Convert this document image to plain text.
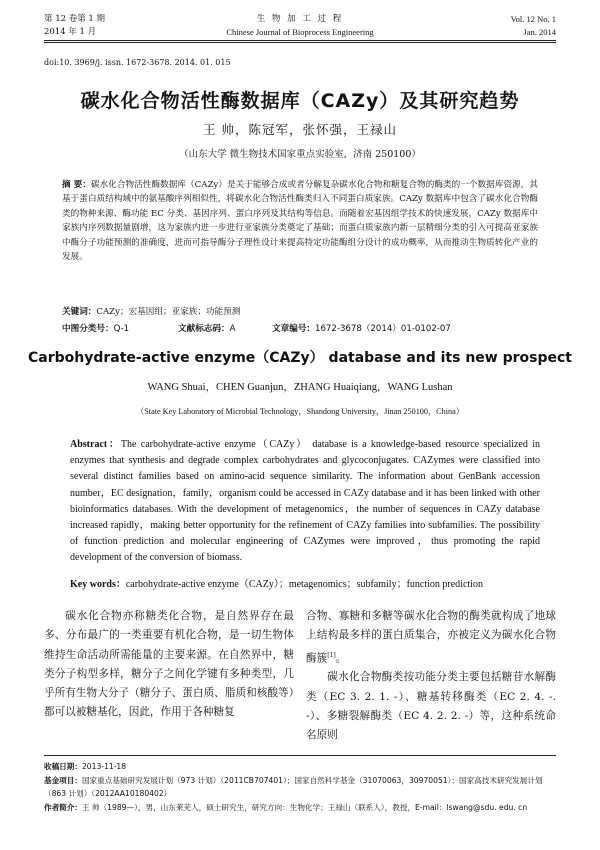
第 12 卷第 1 期
2014 年 1 月
生 物 加 工 过 程
Chinese Journal of Bioprocess Engineering
Vol. 12 No. 1
Jan. 2014
doi:10. 3969/j. issn. 1672-3678. 2014. 01. 015
碳水化合物活性酶数据库（CAZy）及其研究趋势
王 帅，陈冠军，张怀强，王禄山
（山东大学 微生物技术国家重点实验室，济南 250100）
摘 要：碳水化合物活性酶数据库（CAZy）是关于能够合成或者分解复杂碳水化合物和糖复合物的酶类的一个数据库资源，其基于蛋白质结构域中的氨基酸序列相似性，将碳水化合物活性酶类归入不同蛋白质家族。CAZy 数据库中包含了碳水化合物酶类的物种来源、酶功能 EC 分类、基因序列、蛋白序列及其结构等信息。而随着宏基因组学技术的快速发展，CAZy 数据库中家族内序列数据量剧增，这为家族内进一步进行亚家族分类奠定了基础；而蛋白质家族内新一层精细分类的引入可提高亚家族中酶分子功能预测的准确度，进而可指导酶分子理性设计来提高特定功能酶组分设计的成功概率，从而推动生物质转化产业的发展。
关键词：CAZy；宏基因组；亚家族；功能预测
中图分类号：Q-1	文献标志码：A	文章编号：1672-3678（2014）01-0102-07
Carbohydrate-active enzyme（CAZy） database and its new prospect
WANG Shuai，CHEN Guanjun，ZHANG Huaiqiang，WANG Lushan
（State Key Laboratory of Microbial Technology，Shandong University，Jinan 250100，China）
Abstract：The carbohydrate-active enzyme（CAZy） database is a knowledge-based resource specialized in enzymes that synthesis and degrade complex carbohydrates and glycoconjugates. CAZymes were classified into several distinct families based on amino-acid sequence similarity. The information about GenBank accession number，EC designation，family，organism could be accessed in CAZy database and it has been linked with other bioinformatics databases. With the development of metagenomics，the number of sequences in CAZy database increased rapidly，making better opportunity for the refinement of CAZy families into subfamilies. The possibility of function prediction and molecular engineering of CAZymes were improved，thus promoting the rapid development of the conversion of biomass.
Key words：carbohydrate-active enzyme（CAZy）；metagenomics；subfamily；function prediction
碳水化合物亦称糖类化合物，是自然界存在最多、分布最广的一类重要有机化合物，是一切生物体维持生命活动所需能量的主要来源。在自然界中，糖类分子构型多样，糖分子之间化学键有多种类型，几乎所有生物大分子（糖分子、蛋白质、脂质和核酸等）都可以被糖基化，因此，作用于各种糖复
合物、寡糖和多糖等碳水化合物的酶类就构成了地球上结构最多样的蛋白质集合，亦被定义为碳水化合物酶簇[1]。
碳水化合物酶类按功能分类主要包括糖苷水解酶类（EC 3. 2. 1. -）、糖基转移酶类（EC 2. 4. -. -）、多糖裂解酶类（EC 4. 2. 2. -）等，这种系统命名原则
收稿日期：2013-11-18
基金项目：国家重点基础研究发展计划（973 计划）（2011CB707401）；国家自然科学基金（31070063，30970051）；国家高技术研究发展计划（863 计划）（2012AA10180402）
作者简介：王 帅（1989—），男，山东莱芜人，硕士研究生，研究方向：生物化学；王禄山（联系人），教授，E-mail：lswang@sdu. edu. cn
